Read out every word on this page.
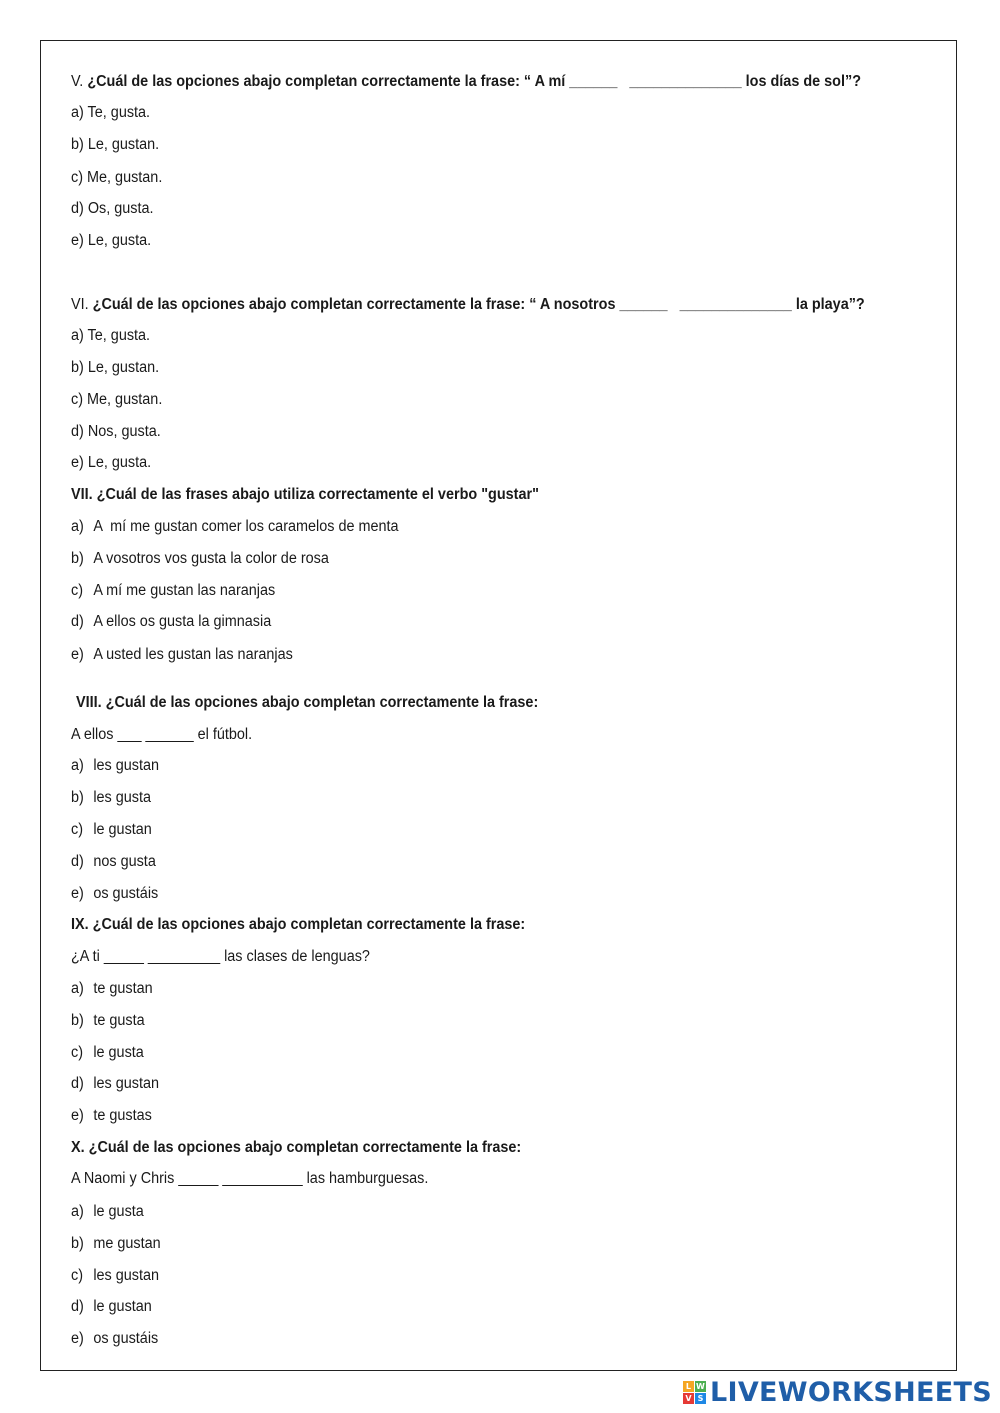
V. ¿Cuál de las opciones abajo completan correctamente la frase: “ A mí ______   ______________ los días de sol”?
a) Te, gusta.
b) Le, gustan.
c) Me, gustan.
d) Os, gusta.
e) Le, gusta.
VI. ¿Cuál de las opciones abajo completan correctamente la frase: “ A nosotros ______   ______________ la playa”?
a) Te, gusta.
b) Le, gustan.
c) Me, gustan.
d) Nos, gusta.
e) Le, gusta.
VII. ¿Cuál de las frases abajo utiliza correctamente el verbo "gustar"
a) A  mí me gustan comer los caramelos de menta
b) A vosotros vos gusta la color de rosa
c) A mí me gustan las naranjas
d) A ellos os gusta la gimnasia
e) A usted les gustan las naranjas
VIII. ¿Cuál de las opciones abajo completan correctamente la frase:
A ellos ___ ______ el fútbol.
a) les gustan
b) les gusta
c) le gustan
d) nos gusta
e) os gustáis
IX. ¿Cuál de las opciones abajo completan correctamente la frase:
¿A ti _____ _________ las clases de lenguas?
a) te gustan
b) te gusta
c) le gusta
d) les gustan
e) te gustas
X. ¿Cuál de las opciones abajo completan correctamente la frase:
A Naomi y Chris _____ __________ las hamburguesas.
a) le gusta
b) me gustan
c) les gustan
d) le gustan
e) os gustáis
L W
V S LIVEWORKSHEETS
